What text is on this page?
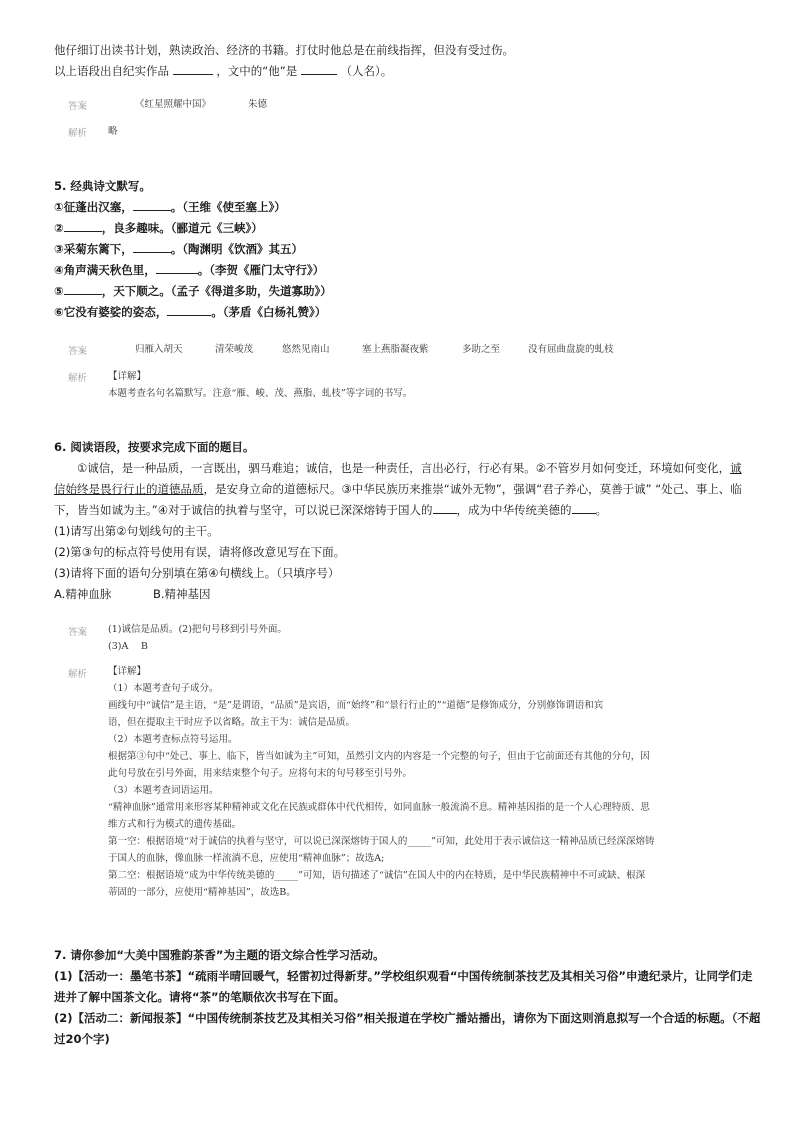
他仔细订出读书计划，熟读政治、经济的书籍。打仗时他总是在前线指挥，但没有受过伤。
以上语段出自纪实作品	，文中的“他”是	（人名）。
答案	《红星照耀中国》	朱德
解析 略
5. 经典诗文默写。
①征蓬出汉塞，	。（王维《使至塞上》）
②	，良多趣味。（郦道元《三峡》）
③采菊东篱下，	。（陶渊明《饮酒》其五）
④角声满天秋色里，	。（李贺《雁门太守行》）
⑤	，天下顺之。（孟子《得道多助，失道寡助》）
⑥它没有婆娑的姿态，	。（茅盾《白杨礼赞》）
答案	归雁入胡天	清荣峻茂	悠然见南山	塞上燕脂凝夜紫	多助之至	没有屈曲盘旋的虬枝
解析 【详解】
本题考查名句名篇默写。注意“雁、峻、茂、燕脂、虬枝”等字词的书写。
6. 阅读语段，按要求完成下面的题目。
①诚信，是一种品质，一言既出，驷马难追；诚信，也是一种责任，言出必行，行必有果。②不管岁月如何变迁，环境如何变化，诚信始终是畏行行止的道德品质，是安身立命的道德标尺。③中华民族历来推崇“诚外无物”，强调“君子养心，莫善于诚” “处己、事上、临下，皆当如诚为主。”④对于诚信的执着与坚守，可以说已深深熔铸于国人的 ，成为中华传统美德的 。
(1)请写出第②句划线句的主干。
(2)第③句的标点符号使用有误，请将修改意见写在下面。
(3)请将下面的语句分别填在第④句横线上。（只填序号）
A.精神血脉	B.精神基因
答案 (1)诚信是品质。(2)把句号移到引号外面。
(3)A　 B
解析 【详解】
（1）本题考查句子成分。
画线句中“诚信”是主语，“是”是谓语，“品质”是宾语，而“始终”和“景行行止的”“道德”是修饰成分，分别修饰谓语和宾
语，但在提取主干时应予以省略。故主干为：诚信是品质。
（2）本题考查标点符号运用。
根据第③句中“处己、事上、临下，皆当如诚为主”可知，虽然引文内的内容是一个完整的句子，但由于它前面还有其他的分句，因
此句号放在引号外面，用来结束整个句子。应将句末的句号移至引号外。
（3）本题考查词语运用。
“精神血脉”通常用来形容某种精神或文化在民族或群体中代代相传，如同血脉一般流淌不息。精神基因指的是一个人心理特质、思
维方式和行为模式的遗传基础。
第一空：根据语境“对于诚信的执着与坚守，可以说已深深熔铸于国人的_____”可知，此处用于表示诚信这一精神品质已经深深熔铸
于国人的血脉，像血脉一样流淌不息，应使用“精神血脉”；故选A;
第二空：根据语境“成为中华传统美德的_____”可知，语句描述了“诚信”在国人中的内在特质，是中华民族精神中不可或缺、根深
蒂固的一部分，应使用“精神基因”，故选B。
7. 请你参加“大美中国雅韵茶香”为主题的语文综合性学习活动。
(1)【活动一：墨笔书茶】“疏雨半晴回暖气，轻雷初过得新芽。”学校组织观看“中国传统制茶技艺及其相关习俗”申遗纪录片，让同学们走
进并了解中国茶文化。请将“茶”的笔顺依次书写在下面。
(2)【活动二：新闻报茶】“中国传统制茶技艺及其相关习俗”相关报道在学校广播站播出，请你为下面这则消息拟写一个合适的标题。（不超
过20个字)
